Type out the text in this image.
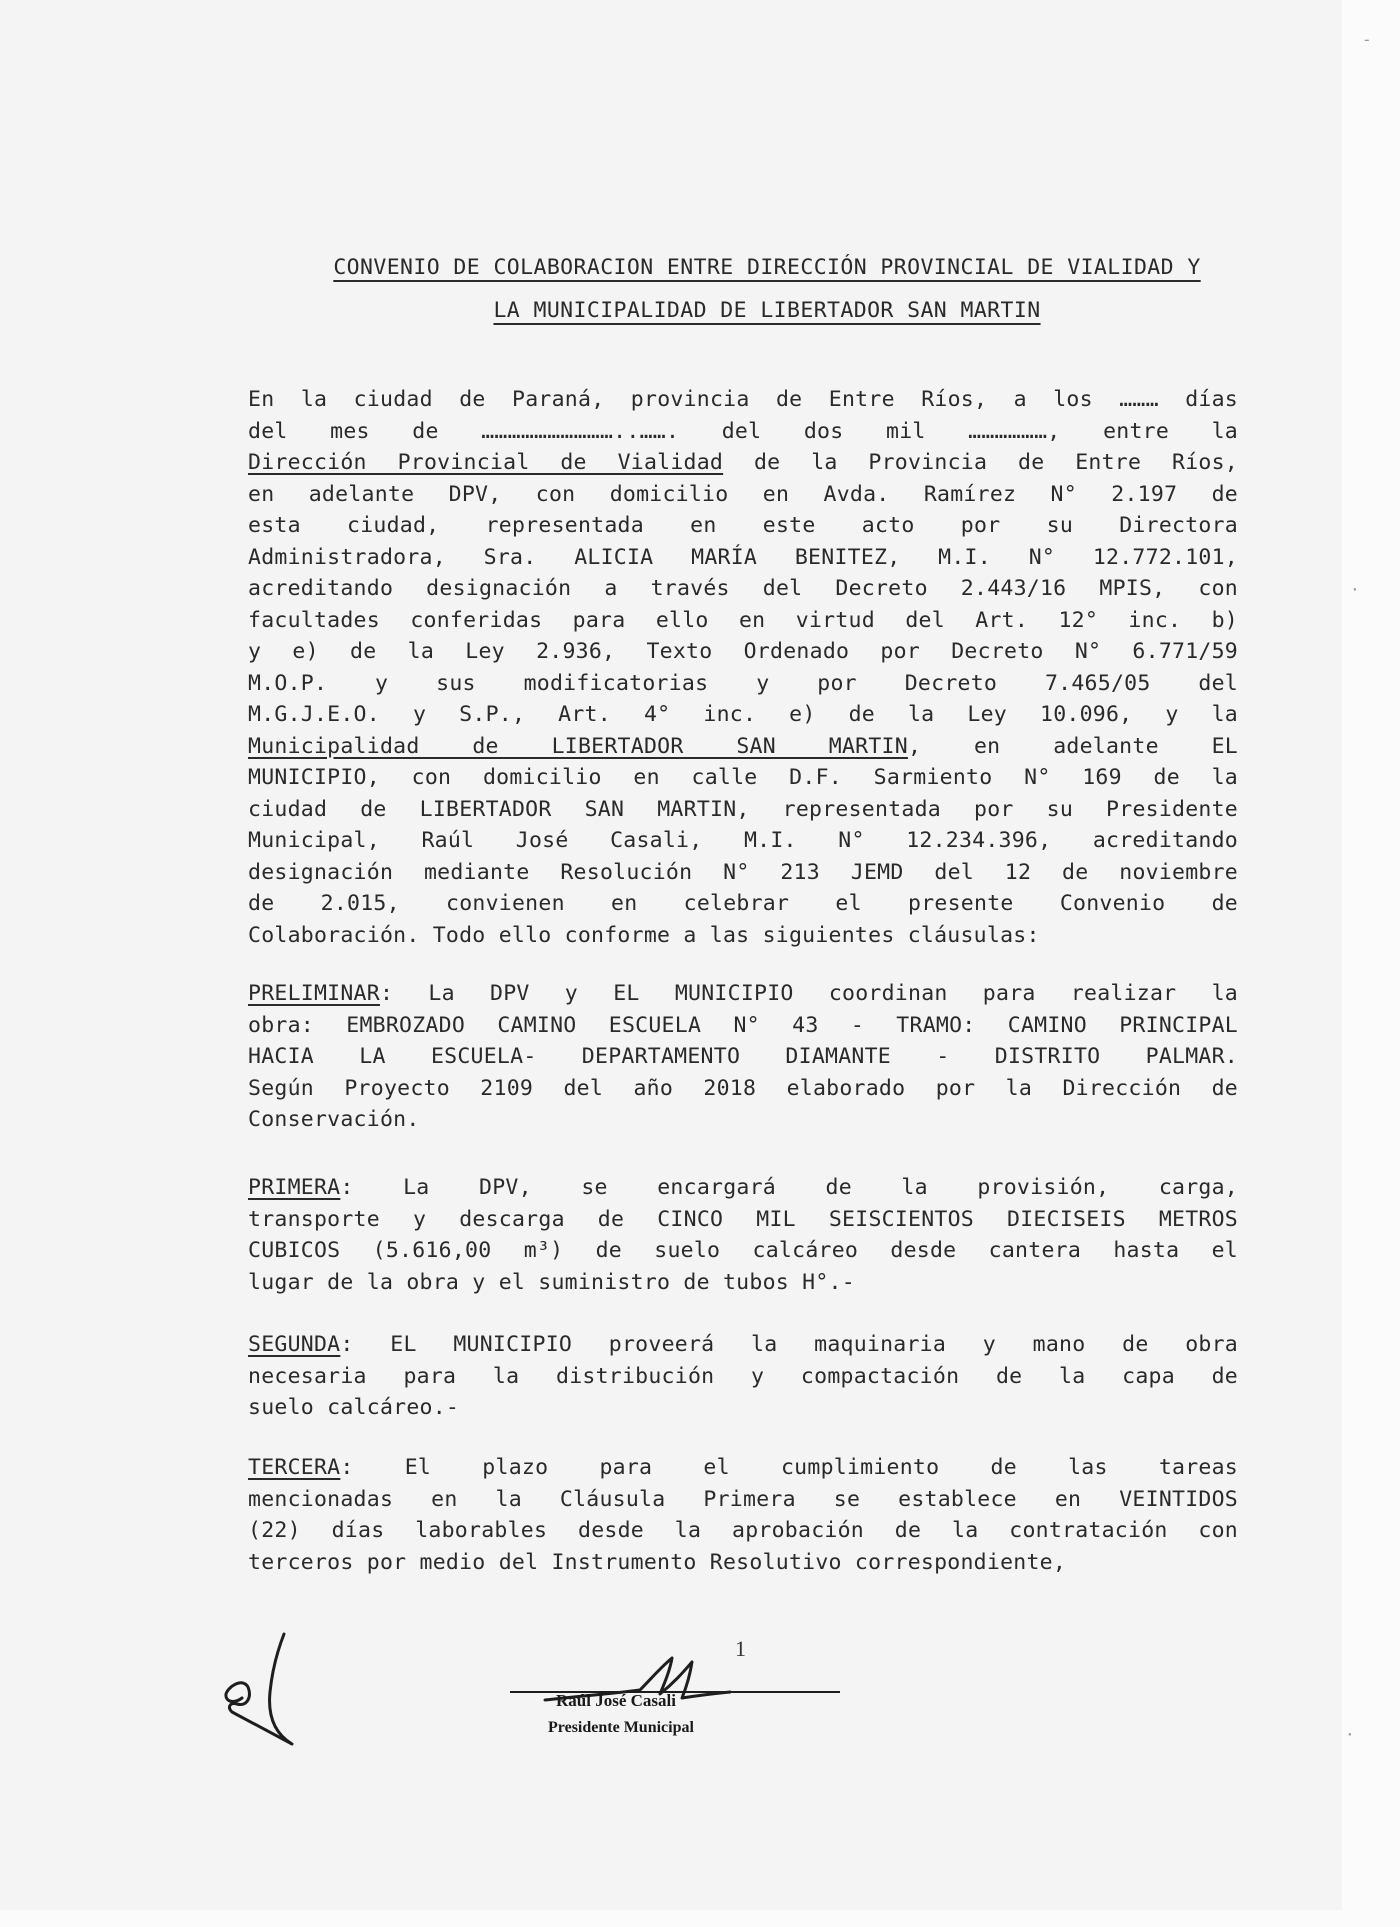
CONVENIO DE COLABORACION ENTRE DIRECCIÓN PROVINCIAL DE VIALIDAD Y
LA MUNICIPALIDAD DE LIBERTADOR SAN MARTIN

En la ciudad de Paraná, provincia de Entre Ríos, a los ……… días

del mes de …………………………..……. del dos mil ………………, entre la

Dirección Provincial de Vialidad de la Provincia de Entre Ríos,

en adelante DPV, con domicilio en Avda. Ramírez N° 2.197 de

esta ciudad, representada en este acto por su Directora

Administradora, Sra. ALICIA MARÍA BENITEZ, M.I. N° 12.772.101,

acreditando designación a través del Decreto 2.443/16 MPIS, con

facultades conferidas para ello en virtud del Art. 12° inc. b)

y e) de la Ley 2.936, Texto Ordenado por Decreto N° 6.771/59

M.O.P. y sus modificatorias y por Decreto 7.465/05 del

M.G.J.E.O. y S.P., Art. 4° inc. e) de la Ley 10.096, y la

Municipalidad de LIBERTADOR SAN MARTIN, en adelante EL

MUNICIPIO, con domicilio en calle D.F. Sarmiento N° 169 de la

ciudad de LIBERTADOR SAN MARTIN, representada por su Presidente

Municipal, Raúl José Casali, M.I. N° 12.234.396, acreditando

designación mediante Resolución N° 213 JEMD del 12 de noviembre

de 2.015, convienen en celebrar el presente Convenio de

Colaboración. Todo ello conforme a las siguientes cláusulas:

PRELIMINAR: La DPV y EL MUNICIPIO coordinan para realizar la

obra: EMBROZADO CAMINO ESCUELA N° 43 - TRAMO: CAMINO PRINCIPAL

HACIA LA ESCUELA- DEPARTAMENTO DIAMANTE - DISTRITO PALMAR.

Según Proyecto 2109 del año 2018 elaborado por la Dirección de

Conservación.

PRIMERA: La DPV, se encargará de la provisión, carga,

transporte y descarga de CINCO MIL SEISCIENTOS DIECISEIS METROS

CUBICOS (5.616,00 m³) de suelo calcáreo desde cantera hasta el

lugar de la obra y el suministro de tubos H°.-

SEGUNDA: EL MUNICIPIO proveerá la maquinaria y mano de obra

necesaria para la distribución y compactación de la capa de

suelo calcáreo.-

TERCERA: El plazo para el cumplimiento de las tareas

mencionadas en la Cláusula Primera se establece en VEINTIDOS

(22) días laborables desde la aprobación de la contratación con

terceros por medio del Instrumento Resolutivo correspondiente,

1
Raúl José Casali
Presidente Municipal
-
·
·
